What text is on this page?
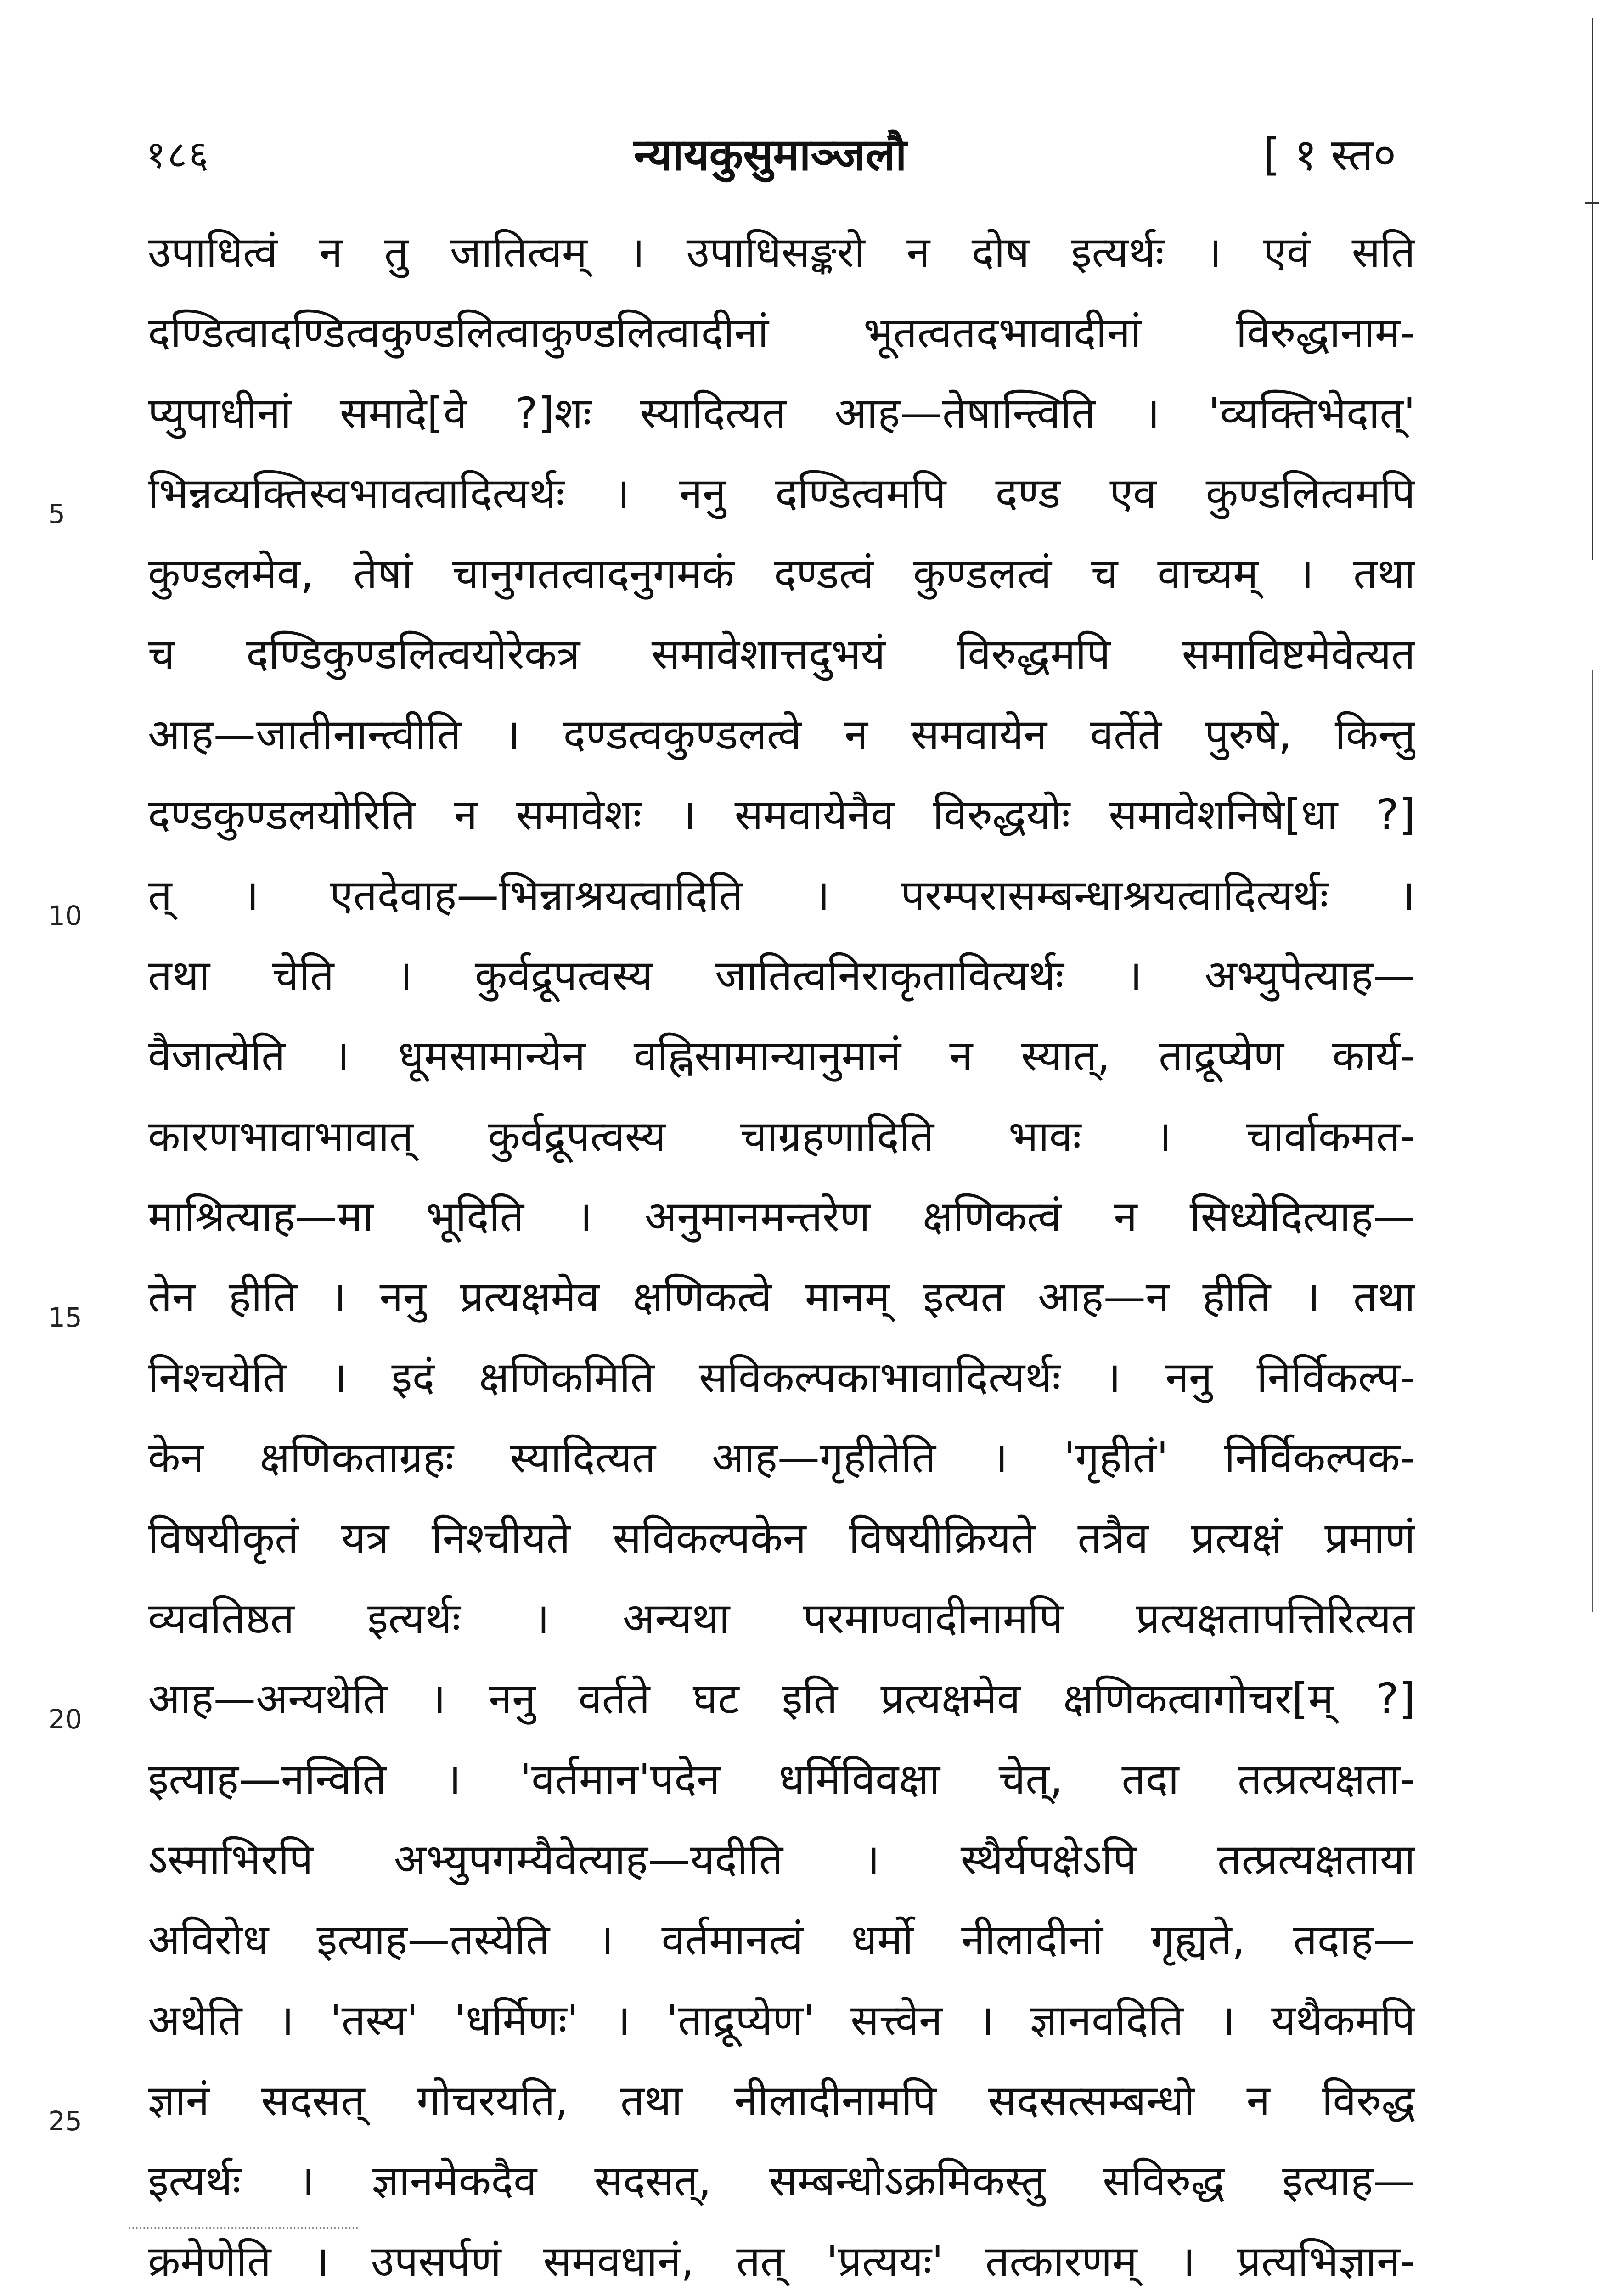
१८६	न्यायकुसुमाञ्जलौ	[ १ स्त०
5
10
15
20
25
उपाधित्वं न तु जातित्वम् । उपाधिसङ्करो न दोष इत्यर्थः । एवं सति
दण्डित्वादण्डित्वकुण्डलित्वाकुण्डलित्वादीनां भूतत्वतदभावादीनां विरुद्धानाम-
प्युपाधीनां समादे[वे ?]शः स्यादित्यत आह—तेषान्त्विति । 'व्यक्तिभेदात्'
भिन्नव्यक्तिस्वभावत्वादित्यर्थः । ननु दण्डित्वमपि दण्ड एव कुण्डलित्वमपि
कुण्डलमेव, तेषां चानुगतत्वादनुगमकं दण्डत्वं कुण्डलत्वं च वाच्यम् । तथा
च दण्डिकुण्डलित्वयोरेकत्र समावेशात्तदुभयं विरुद्धमपि समाविष्टमेवेत्यत
आह—जातीनान्त्वीति । दण्डत्वकुण्डलत्वे न समवायेन वर्तेते पुरुषे, किन्तु
दण्डकुण्डलयोरिति न समावेशः । समवायेनैव विरुद्धयोः समावेशनिषे[धा ?]
त् । एतदेवाह—भिन्नाश्रयत्वादिति । परम्परासम्बन्धाश्रयत्वादित्यर्थः ।
तथा चेति । कुर्वद्रूपत्वस्य जातित्वनिराकृतावित्यर्थः । अभ्युपेत्याह—
वैजात्येति । धूमसामान्येन वह्निसामान्यानुमानं न स्यात्, ताद्रूप्येण कार्य-
कारणभावाभावात् कुर्वद्रूपत्वस्य चाग्रहणादिति भावः । चार्वाकमत-
माश्रित्याह—मा भूदिति । अनुमानमन्तरेण क्षणिकत्वं न सिध्येदित्याह—
तेन हीति । ननु प्रत्यक्षमेव क्षणिकत्वे मानम् इत्यत आह—न हीति । तथा
निश्चयेति । इदं क्षणिकमिति सविकल्पकाभावादित्यर्थः । ननु निर्विकल्प-
केन क्षणिकताग्रहः स्यादित्यत आह—गृहीतेति । 'गृहीतं' निर्विकल्पक-
विषयीकृतं यत्र निश्चीयते सविकल्पकेन विषयीक्रियते तत्रैव प्रत्यक्षं प्रमाणं
व्यवतिष्ठत इत्यर्थः । अन्यथा परमाण्वादीनामपि प्रत्यक्षतापत्तिरित्यत
आह—अन्यथेति । ननु वर्तते घट इति प्रत्यक्षमेव क्षणिकत्वागोचर[म् ?]
इत्याह—नन्विति । 'वर्तमान'पदेन धर्मिविवक्षा चेत्, तदा तत्प्रत्यक्षता-
ऽस्माभिरपि अभ्युपगम्यैवेत्याह—यदीति । स्थैर्यपक्षेऽपि तत्प्रत्यक्षताया
अविरोध इत्याह—तस्येति । वर्तमानत्वं धर्मो नीलादीनां गृह्यते, तदाह—
अथेति । 'तस्य' 'धर्मिणः' । 'ताद्रूप्येण' सत्त्वेन । ज्ञानवदिति । यथैकमपि
ज्ञानं सदसत् गोचरयति, तथा नीलादीनामपि सदसत्सम्बन्धो न विरुद्ध
इत्यर्थः । ज्ञानमेकदैव सदसत्, सम्बन्धोऽक्रमिकस्तु सविरुद्ध इत्याह—
क्रमेणेति । उपसर्पणं समवधानं, तत् 'प्रत्ययः' तत्कारणम् । प्रत्यभिज्ञान-
